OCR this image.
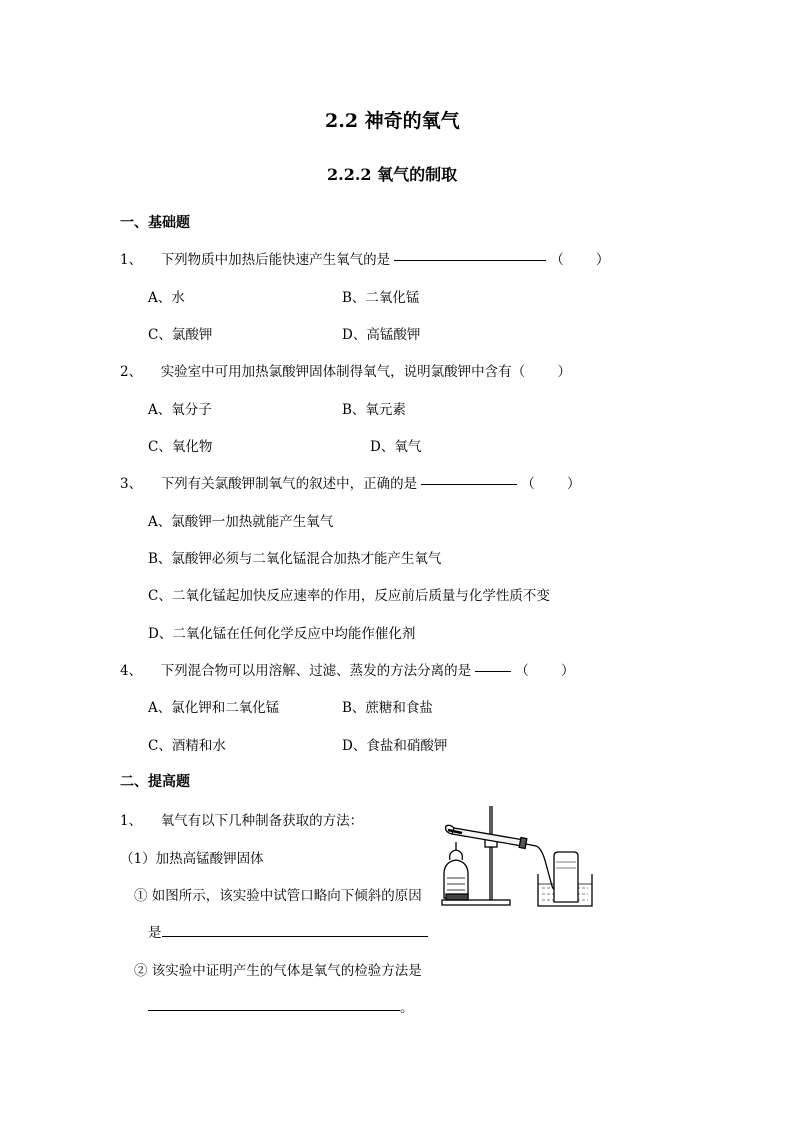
2.2 神奇的氧气
2.2.2 氧气的制取
一、基础题
1、 下列物质中加热后能快速产生氧气的是	（ ）
A、水	B、二氧化锰
C、氯酸钾	D、高锰酸钾
2、 实验室中可用加热氯酸钾固体制得氧气，说明氯酸钾中含有（ ）
A、氧分子	B、氧元素
C、氧化物	D、氧气
3、 下列有关氯酸钾制氧气的叙述中，正确的是	（ ）
A、氯酸钾一加热就能产生氧气
B、氯酸钾必须与二氧化锰混合加热才能产生氧气
C、二氧化锰起加快反应速率的作用，反应前后质量与化学性质不变
D、二氧化锰在任何化学反应中均能作催化剂
4、 下列混合物可以用溶解、过滤、蒸发的方法分离的是	（ ）
A、氯化钾和二氧化锰	B、蔗糖和食盐
C、酒精和水	D、食盐和硝酸钾
二、提高题
1、 氧气有以下几种制备获取的方法：
（1）加热高锰酸钾固体
① 如图所示，该实验中试管口略向下倾斜的原因
是
② 该实验中证明产生的气体是氧气的检验方法是
。
